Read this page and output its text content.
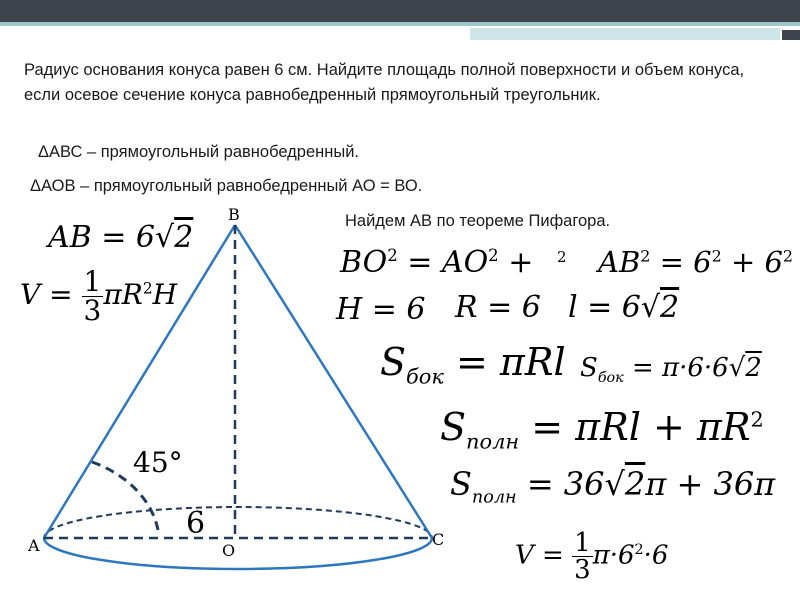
Радиус основания конуса равен 6 см. Найдите площадь полной поверхности и объем конуса, если осевое сечение конуса равнобедренный прямоугольный треугольник.
ΔАВС – прямоугольный равнобедренный.
ΔАОВ – прямоугольный равнобедренный АО = ВО.
Найдем АВ по теореме Пифагора.
A
B
C
O
45°
6
AB = 6√2
$V = \frac{1}{3} \pi R^2H$
$BO^2 = AO^2 + 2$ $AB^2 = 6^2 + 6^2$
H = 6 R = 6 l = 6√2
$S_{бок} = \pi Rl$ $S_{бок} = \pi\cdot 6\cdot 6√2$
$S_{полн} = \pi Rl + \pi R^2$
$S_{полн} = 36√2\pi + 36\pi$
$V = \frac{1}{3} \pi\cdot 6^2\cdot 6$
